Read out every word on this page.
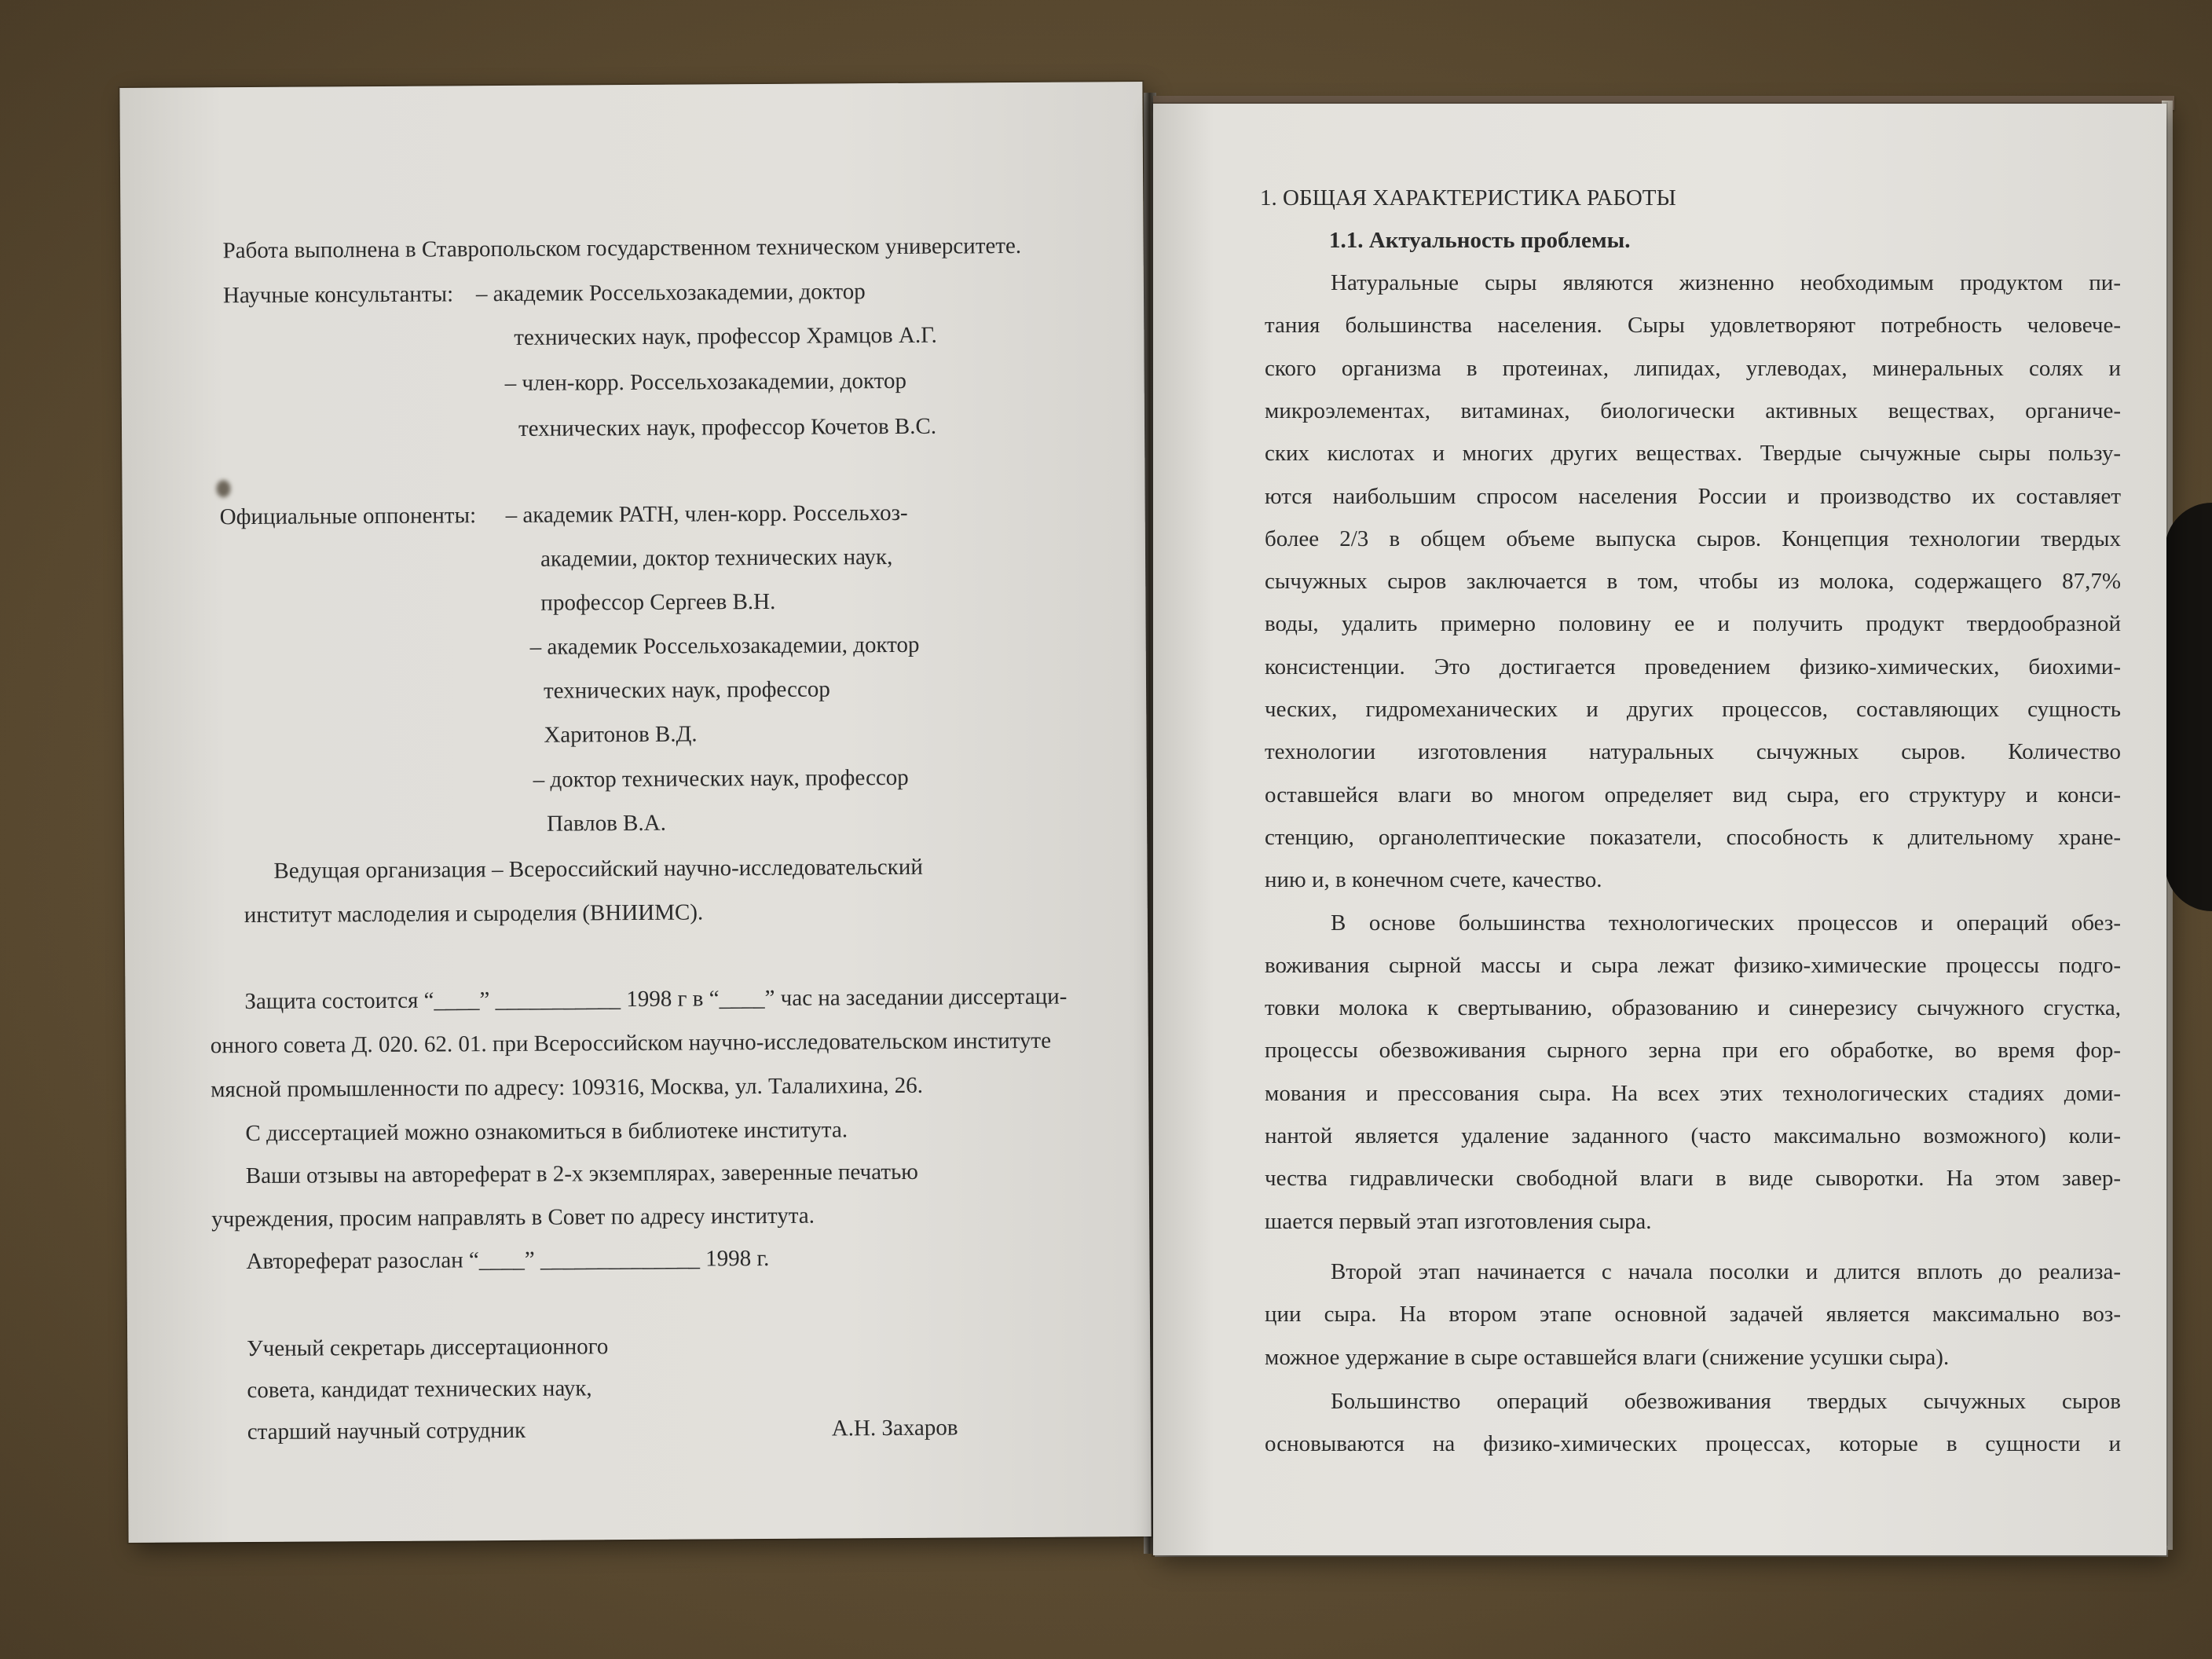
Работа выполнена в Ставропольском государственном техническом университете.
Научные консультанты: – академик Россельхозакадемии, доктор
технических наук, профессор Храмцов А.Г.
– член-корр. Россельхозакадемии, доктор
технических наук, профессор Кочетов В.С.
Официальные оппоненты: – академик РАТН, член-корр. Россельхоз-
академии, доктор технических наук,
профессор Сергеев В.Н.
– академик Россельхозакадемии, доктор
технических наук, профессор
Харитонов В.Д.
– доктор технических наук, профессор
Павлов В.А.
Ведущая организация – Всероссийский научно-исследовательский
институт маслоделия и сыроделия (ВНИИМС).
Защита состоится “____” ___________ 1998 г в “____” час на заседании диссертаци-
онного совета Д. 020. 62. 01. при Всероссийском научно-исследовательском институте
мясной промышленности по адресу: 109316, Москва, ул. Талалихина, 26.
С диссертацией можно ознакомиться в библиотеке института.
Ваши отзывы на автореферат в 2-х экземплярах, заверенные печатью
учреждения, просим направлять в Совет по адресу института.
Автореферат разослан “____” ______________ 1998 г.
Ученый секретарь диссертационного
совета, кандидат технических наук,
старший научный сотрудник	А.Н. Захаров
1. ОБЩАЯ ХАРАКТЕРИСТИКА РАБОТЫ
1.1. Актуальность проблемы.
Натуральные сыры являются жизненно необходимым продуктом пи-
тания большинства населения. Сыры удовлетворяют потребность человече-
ского организма в протеинах, липидах, углеводах, минеральных солях и
микроэлементах, витаминах, биологически активных веществах, органиче-
ских кислотах и многих других веществах. Твердые сычужные сыры пользу-
ются наибольшим спросом населения России и производство их составляет
более 2/3 в общем объеме выпуска сыров. Концепция технологии твердых
сычужных сыров заключается в том, чтобы из молока, содержащего 87,7%
воды, удалить примерно половину ее и получить продукт твердообразной
консистенции. Это достигается проведением физико-химических, биохими-
ческих, гидромеханических и других процессов, составляющих сущность
технологии изготовления натуральных сычужных сыров. Количество
оставшейся влаги во многом определяет вид сыра, его структуру и конси-
стенцию, органолептические показатели, способность к длительному хране-
нию и, в конечном счете, качество.
В основе большинства технологических процессов и операций обез-
воживания сырной массы и сыра лежат физико-химические процессы подго-
товки молока к свертыванию, образованию и синерезису сычужного сгустка,
процессы обезвоживания сырного зерна при его обработке, во время фор-
мования и прессования сыра. На всех этих технологических стадиях доми-
нантой является удаление заданного (часто максимально возможного) коли-
чества гидравлически свободной влаги в виде сыворотки. На этом завер-
шается первый этап изготовления сыра.
Второй этап начинается с начала посолки и длится вплоть до реализа-
ции сыра. На втором этапе основной задачей является максимально воз-
можное удержание в сыре оставшейся влаги (снижение усушки сыра).
Большинство операций обезвоживания твердых сычужных сыров
основываются на физико-химических процессах, которые в сущности и
